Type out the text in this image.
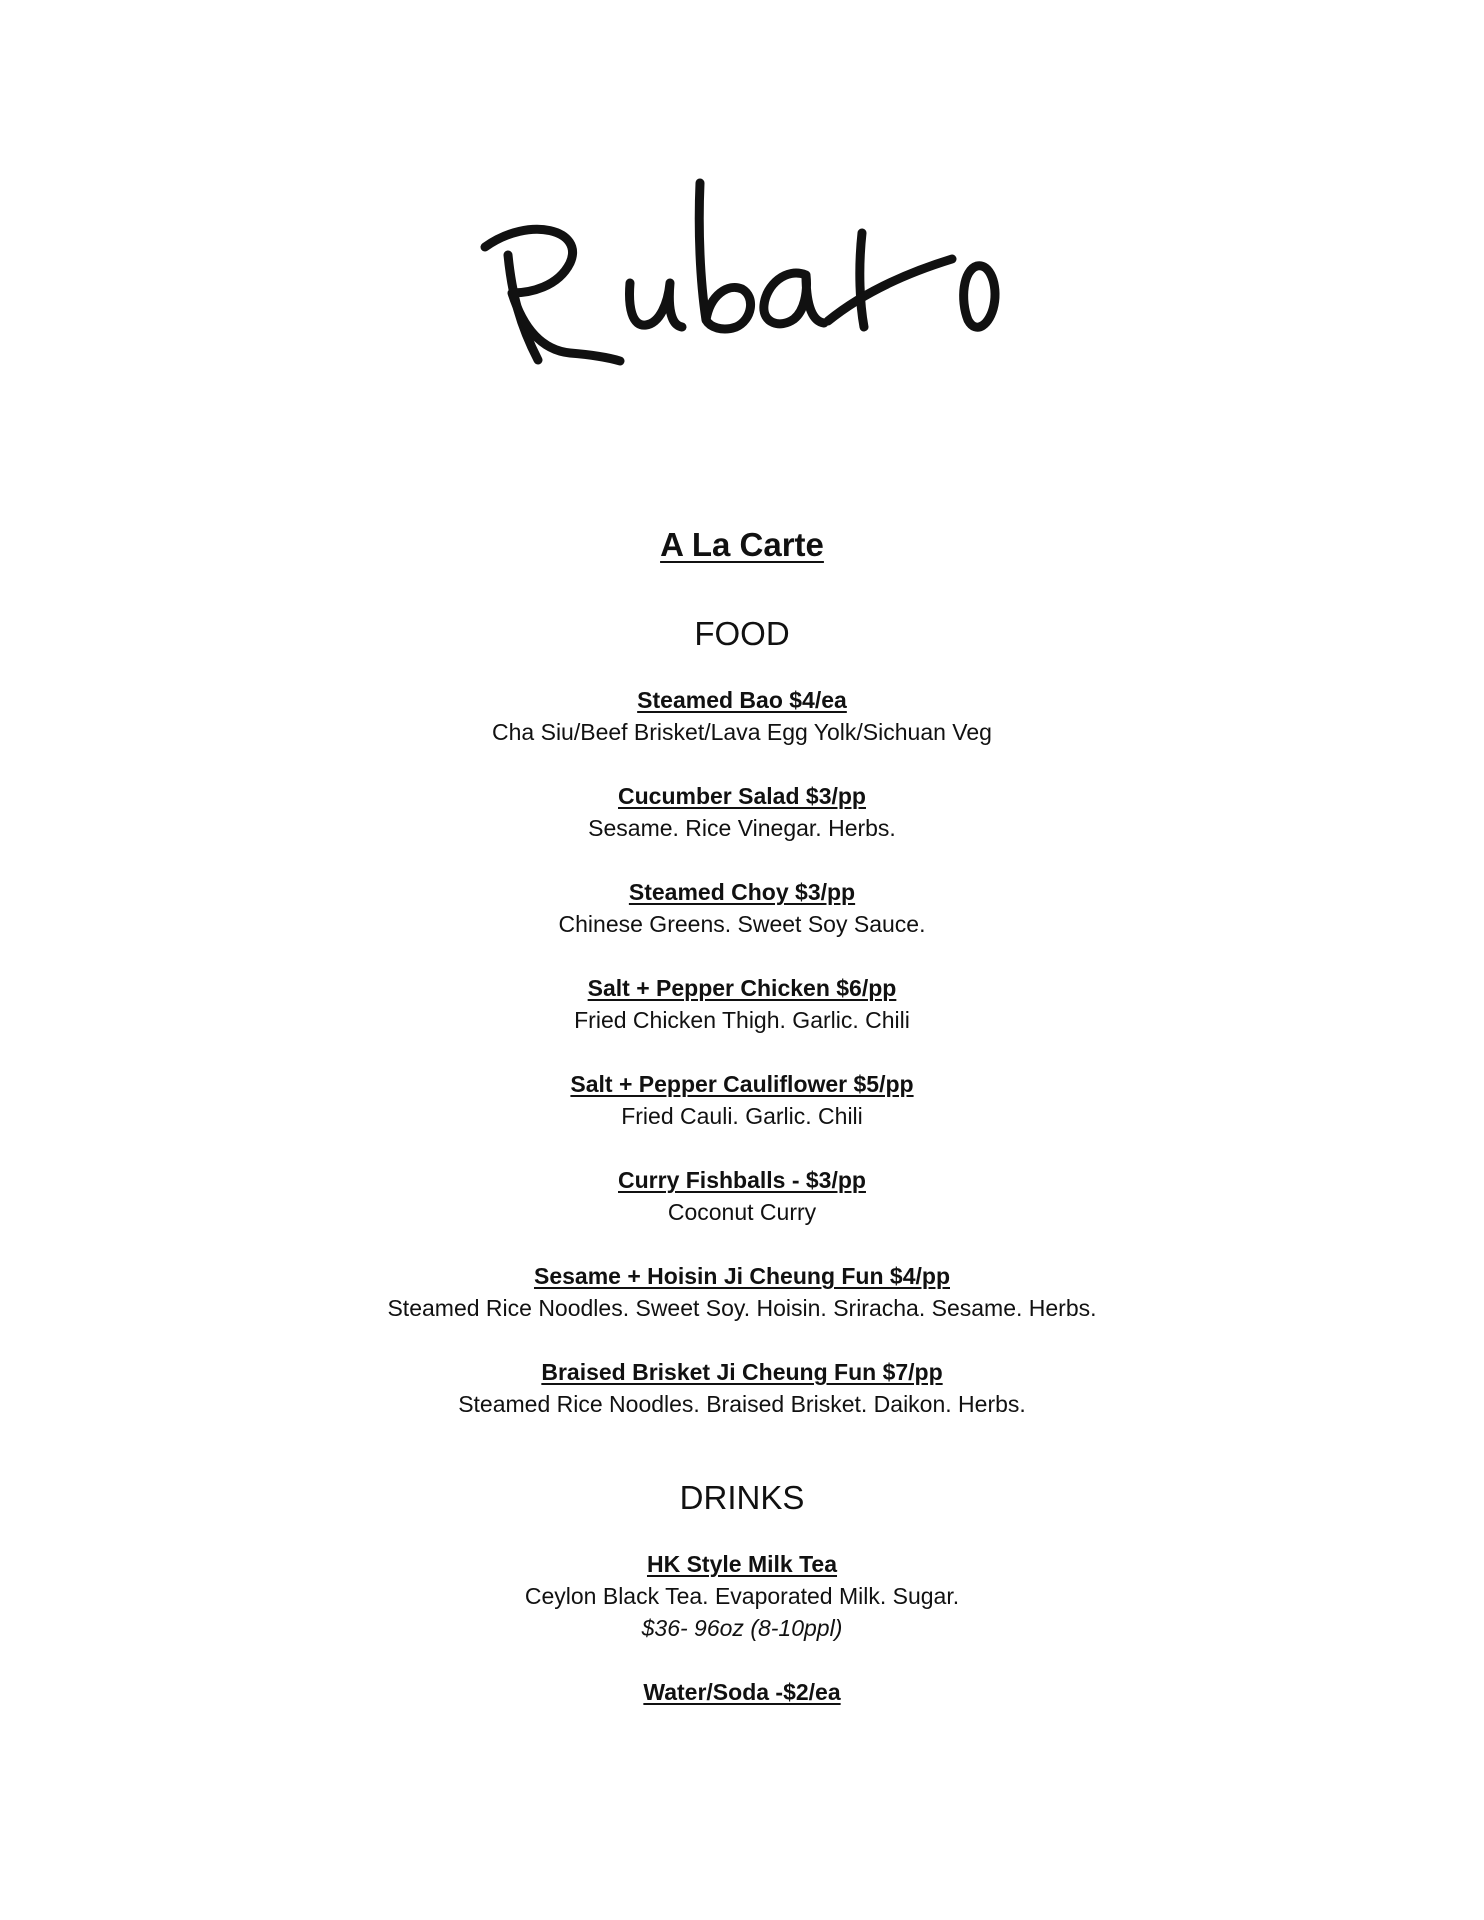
A La Carte
FOOD
Steamed Bao $4/ea
Cha Siu/Beef Brisket/Lava Egg Yolk/Sichuan Veg
Cucumber Salad $3/pp
Sesame. Rice Vinegar. Herbs.
Steamed Choy $3/pp
Chinese Greens. Sweet Soy Sauce.
Salt + Pepper Chicken $6/pp
Fried Chicken Thigh. Garlic. Chili
Salt + Pepper Cauliflower $5/pp
Fried Cauli. Garlic. Chili
Curry Fishballs - $3/pp
Coconut Curry
Sesame + Hoisin Ji Cheung Fun $4/pp
Steamed Rice Noodles. Sweet Soy. Hoisin. Sriracha. Sesame. Herbs.
Braised Brisket Ji Cheung Fun $7/pp
Steamed Rice Noodles. Braised Brisket. Daikon. Herbs.
DRINKS
HK Style Milk Tea
Ceylon Black Tea. Evaporated Milk. Sugar.
$36- 96oz (8-10ppl)
Water/Soda -$2/ea
